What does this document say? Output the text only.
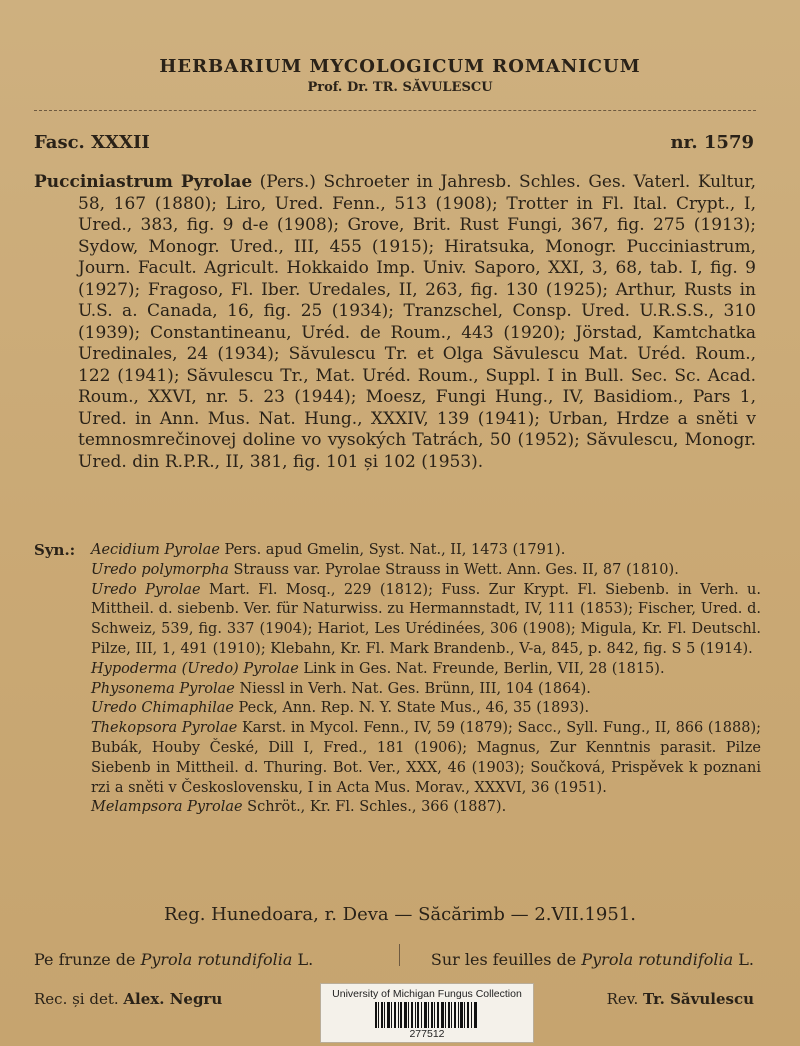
HERBARIUM MYCOLOGICUM ROMANICUM
Prof. Dr. TR. SĂVULESCU
Fasc. XXXII	nr. 1579
Pucciniastrum Pyrolae (Pers.) Schroeter in Jahresb. Schles. Ges. Vaterl. Kultur, 58, 167 (1880); Liro, Ured. Fenn., 513 (1908); Trotter in Fl. Ital. Crypt., I, Ured., 383, fig. 9 d-e (1908); Grove, Brit. Rust Fungi, 367, fig. 275 (1913); Sydow, Monogr. Ured., III, 455 (1915); Hiratsuka, Monogr. Pucciniastrum, Journ. Facult. Agricult. Hokkaido Imp. Univ. Saporo, XXI, 3, 68, tab. I, fig. 9 (1927); Fragoso, Fl. Iber. Uredales, II, 263, fig. 130 (1925); Arthur, Rusts in U.S. a. Canada, 16, fig. 25 (1934); Tranzschel, Consp. Ured. U.R.S.S., 310 (1939); Constantineanu, Uréd. de Roum., 443 (1920); Jörstad, Kamtchatka Uredinales, 24 (1934); Săvulescu Tr. et Olga Săvulescu Mat. Uréd. Roum., 122 (1941); Săvulescu Tr., Mat. Uréd. Roum., Suppl. I in Bull. Sec. Sc. Acad. Roum., XXVI, nr. 5. 23 (1944); Moesz, Fungi Hung., IV, Basidiom., Pars 1, Ured. in Ann. Mus. Nat. Hung., XXXIV, 139 (1941); Urban, Hrdze a sněti v temnosmrečinovej doline vo vysokých Tatrách, 50 (1952); Săvulescu, Monogr. Ured. din R.P.R., II, 381, fig. 101 și 102 (1953).
Syn.: Aecidium Pyrolae Pers. apud Gmelin, Syst. Nat., II, 1473 (1791).

Uredo polymorpha Strauss var. Pyrolae Strauss in Wett. Ann. Ges. II, 87 (1810).

Uredo Pyrolae Mart. Fl. Mosq., 229 (1812); Fuss. Zur Krypt. Fl. Siebenb. in Verh. u. Mittheil. d. siebenb. Ver. für Naturwiss. zu Hermannstadt, IV, 111 (1853); Fischer, Ured. d. Schweiz, 539, fig. 337 (1904); Hariot, Les Urédinées, 306 (1908); Migula, Kr. Fl. Deutschl. Pilze, III, 1, 491 (1910); Klebahn, Kr. Fl. Mark Brandenb., V-a, 845, p. 842, fig. S 5 (1914).

Hypoderma (Uredo) Pyrolae Link in Ges. Nat. Freunde, Berlin, VII, 28 (1815).

Physonema Pyrolae Niessl in Verh. Nat. Ges. Brünn, III, 104 (1864).

Uredo Chimaphilae Peck, Ann. Rep. N. Y. State Mus., 46, 35 (1893).

Thekopsora Pyrolae Karst. in Mycol. Fenn., IV, 59 (1879); Sacc., Syll. Fung., II, 866 (1888); Bubák, Houby České, Dill I, Fred., 181 (1906); Magnus, Zur Kenntnis parasit. Pilze Siebenb in Mittheil. d. Thuring. Bot. Ver., XXX, 46 (1903); Součková, Prispěvek k poznani rzi a sněti v Československu, I in Acta Mus. Morav., XXXVI, 36 (1951).

Melampsora Pyrolae Schröt., Kr. Fl. Schles., 366 (1887).

Reg. Hunedoara, r. Deva — Săcărimb — 2.VII.1951.
Pe frunze de Pyrola rotundifolia L.	Sur les feuilles de Pyrola rotundifolia L.
Rec. și det. Alex. Negru	Rev. Tr. Săvulescu
University of Michigan Fungus Collection
277512
